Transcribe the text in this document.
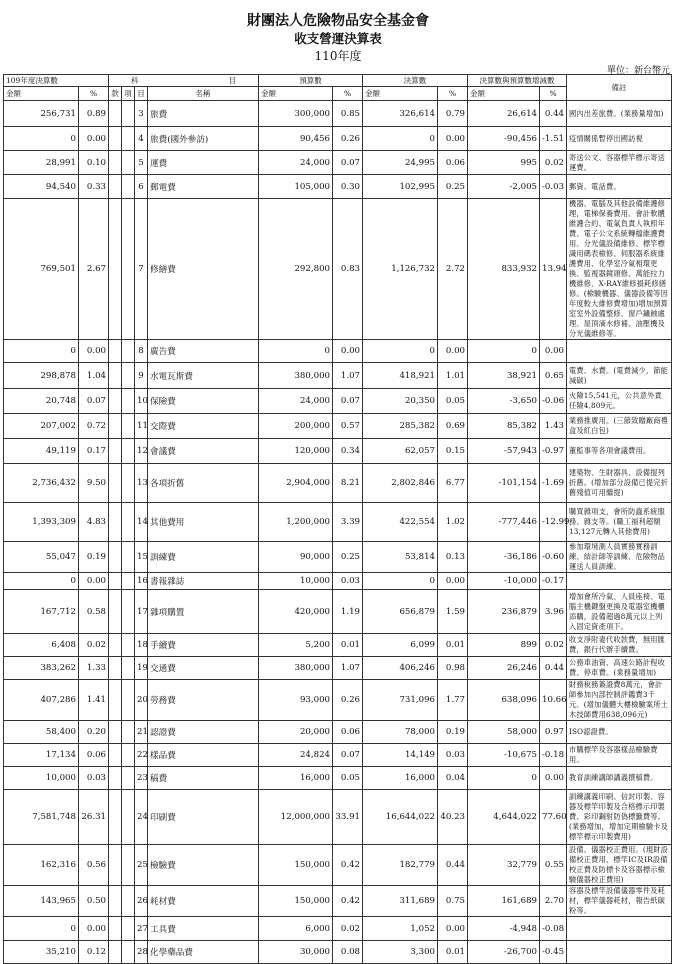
財團法人危險物品安全基金會
收支營運決算表
110年度
單位：新台幣元
109年度決算數		科 目				預算數		決算數		決算數與預算數增減數		備註
金額	%	款	項	目	名稱	金額	%	金額	%	金額	%	
256,731	0.89			3	旅費	300,000	0.85	326,614	0.79	26,614	0.44	國內出差旅費。(業務量增加)
0	0.00			4	旅費(國外參訪)	90,456	0.26	0	0.00	-90,456	-1.51	疫情關係暫停出國訪視
28,991	0.10			5	運費	24,000	0.07	24,995	0.06	995	0.02	寄送公文、容器標竿標示寄送運費。
94,540	0.33			6	郵電費	105,000	0.30	102,995	0.25	-2,005	-0.03	郵資、電話費。
769,501	2.67			7	修繕費	292,800	0.83	1,126,732	2.72	833,932	13.94	機器、電腦及其他設備維護修理，電梯保養費用、會計軟體維護合約、電氣負責人執照年費、電子公文系統轉檔維護費用、分光儀設備維修、標竿標識用碼表檢修、伺服器系統維護費用、化學室冷氣相環更換、監視器鏡頭修、萬能拉力機維修、X-RAY維修損耗修繕修。(檢驗機器、儀器設備等因年度較大維修費增加)增加預算室室外設備整修、窗戶鏽蝕處理、屋頂滴水修補、油壓機及分光儀維修等。
0	0.00			8	廣告費	0	0.00	0	0.00	0	0.00	
298,878	1.04			9	水電瓦斯費	380,000	1.07	418,921	1.01	38,921	0.65	電費、水費。(電費減少，節能減碳)
20,748	0.07			10	保險費	24,000	0.07	20,350	0.05	-3,650	-0.06	火險15,541元，公共意外責任險4,809元。
207,002	0.72			11	交際費	200,000	0.57	285,382	0.69	85,382	1.43	業務推廣用。(三節致贈廠商禮盒及紅白包)
49,119	0.17			12	會議費	120,000	0.34	62,057	0.15	-57,943	-0.97	董監事等各項會議費用。
2,736,432	9.50			13	各項折舊	2,904,000	8.21	2,802,846	6.77	-101,154	-1.69	建築物、生財器具、設備提列折舊。(增加部分設備已提完折舊殘值可用繼提)
1,393,309	4.83			14	其他費用	1,200,000	3.39	422,554	1.02	-777,446	-12.99	購買雜項支，會所防蟲系統服務、雜支等。(職工福利超額13,127元轉入其他費用)
55,047	0.19			15	訓練費	90,000	0.25	53,814	0.13	-36,186	-0.60	參加環境測人員實務實務訓練、結計師等訓練、危險物品運送人員訓練。
0	0.00			16	書報雜誌	10,000	0.03	0	0.00	-10,000	-0.17	
167,712	0.58			17	雜項購置	420,000	1.19	656,879	1.59	236,879	3.96	增加會所冷氣、人員座椅、電腦主機鍵盤更換及電器室機櫃添購，設備超過8萬元以上列入固定資產項下。
6,408	0.02			18	手續費	5,200	0.01	6,099	0.01	899	0.02	收支淨附妻代收款費，無用匯費，銀行代辦手續費。
383,262	1.33			19	交通費	380,000	1.07	406,246	0.98	26,246	0.44	公務車油資、高速公路計程收費、停車費。(業務量增加)
407,286	1.41			20	勞務費	93,000	0.26	731,096	1.77	638,096	10.66	財務稅務簽證費8萬元，會計師參加內部控制評鑑費3千元。(增加儀體大樓檢驗案所土木技師費用638,096元)
58,400	0.20			21	認證費	20,000	0.06	78,000	0.19	58,000	0.97	ISO認證費。
17,134	0.06			22	樣品費	24,824	0.07	14,149	0.03	-10,675	-0.18	市購標竿及容器樣品檢驗費用。
10,000	0.03			23	稿費	16,000	0.05	16,000	0.04	0	0.00	教育訓練講師講義撰稿費。
7,581,748	26.31			24	印刷費	12,000,000	33.91	16,644,022	40.23	4,644,022	77.60	訓練講義印刷、信封印製、容器及標竿印製及合格標示印製費、彩印鋼射防偽標籤費等。(業務增加，增加定期檢驗卡及標竿標示印製費用)
162,316	0.56			25	檢驗費	150,000	0.42	182,779	0.44	32,779	0.55	設備、儀器校正費用。(現財設備校正費用、標竿IC及IR設備校正費及防標卡及容器標示檢驗儀器校正費用)
143,965	0.50			26	耗材費	150,000	0.42	311,689	0.75	161,689	2.70	容器及標竿設備儀器零件及耗材，標竿儀器耗材，報告紙碳粉等。
0	0.00			27	工具費	6,000	0.02	1,052	0.00	-4,948	-0.08	
35,210	0.12			28	化學藥品費	30,000	0.08	3,300	0.01	-26,700	-0.45	
